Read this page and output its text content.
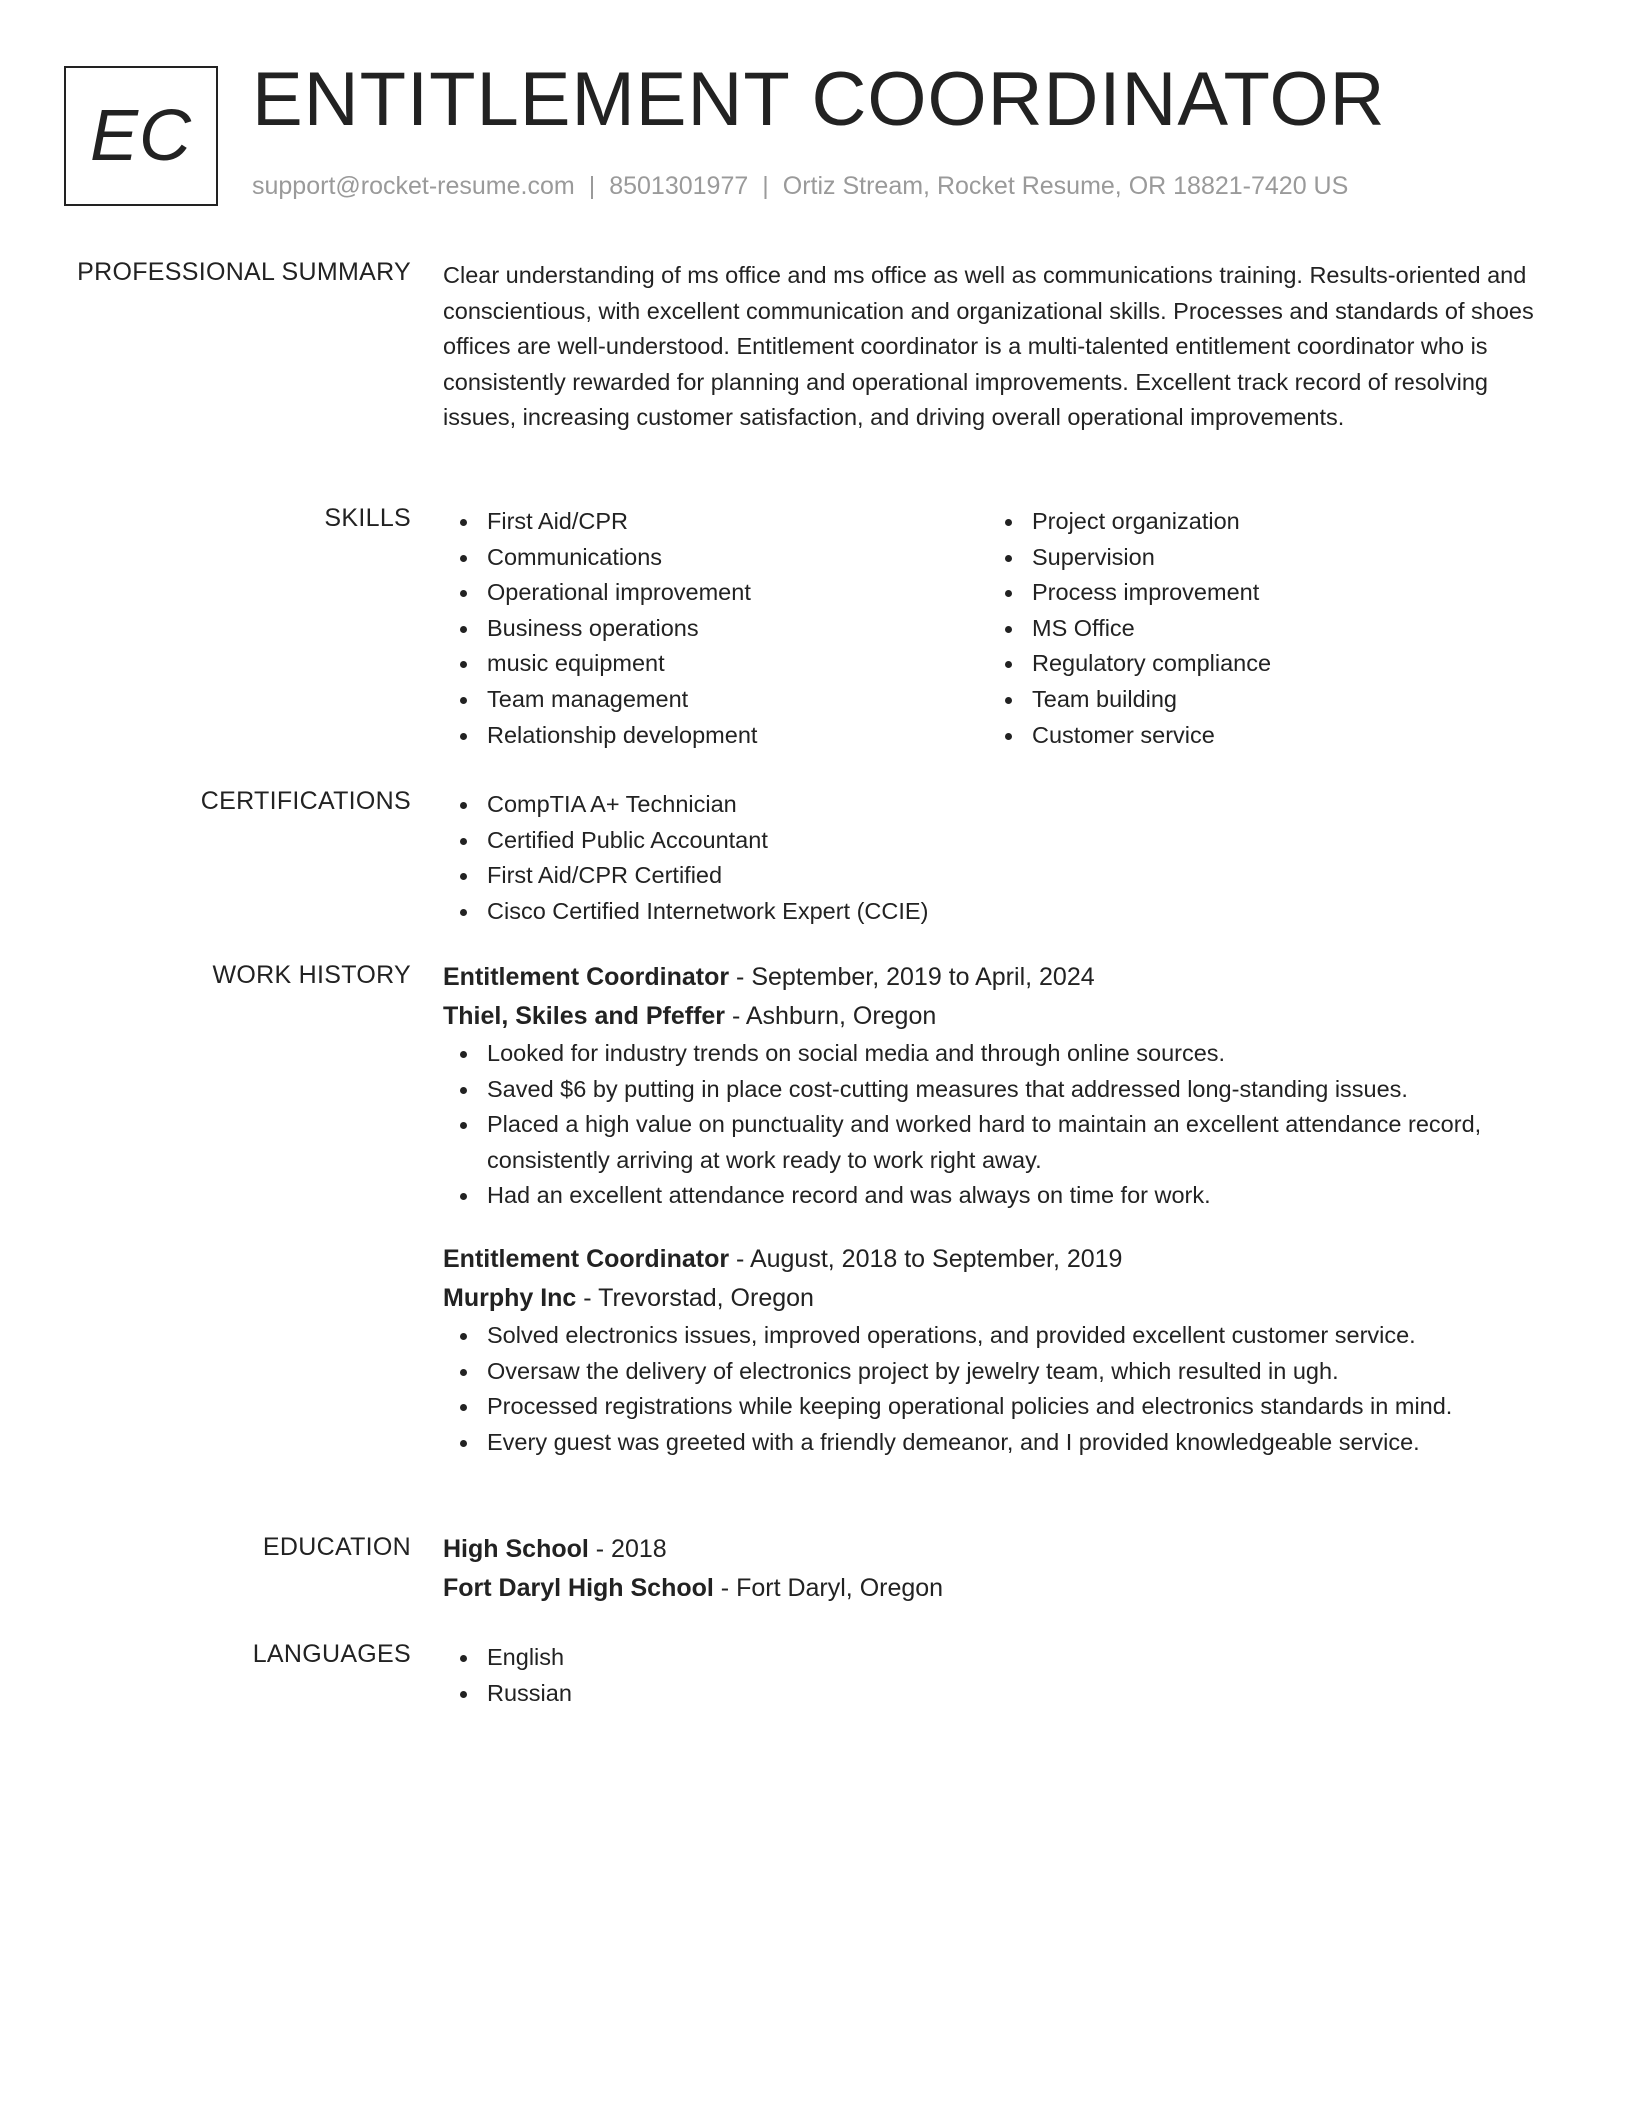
EC ENTITLEMENT COORDINATOR
support@rocket-resume.com | 8501301977 | Ortiz Stream, Rocket Resume, OR 18821-7420 US
PROFESSIONAL SUMMARY Clear understanding of ms office and ms office as well as communications training. Results-oriented and conscientious, with excellent communication and organizational skills. Processes and standards of shoes offices are well-understood. Entitlement coordinator is a multi-talented entitlement coordinator who is consistently rewarded for planning and operational improvements. Excellent track record of resolving issues, increasing customer satisfaction, and driving overall operational improvements.

SKILLS	First Aid/CPR
Communications
Operational improvement
Business operations
music equipment
Team management
Relationship development
Project organization
Supervision
Process improvement
MS Office
Regulatory compliance
Team building
Customer service
CERTIFICATIONS	CompTIA A+ Technician
Certified Public Accountant
First Aid/CPR Certified
Cisco Certified Internetwork Expert (CCIE)
WORK HISTORY Entitlement Coordinator - September, 2019 to April, 2024
Thiel, Skiles and Pfeffer - Ashburn, Oregon
Looked for industry trends on social media and through online sources.
Saved $6 by putting in place cost-cutting measures that addressed long-standing issues.
Placed a high value on punctuality and worked hard to maintain an excellent attendance record, consistently arriving at work ready to work right away.
Had an excellent attendance record and was always on time for work.
Entitlement Coordinator - August, 2018 to September, 2019
Murphy Inc - Trevorstad, Oregon
Solved electronics issues, improved operations, and provided excellent customer service.
Oversaw the delivery of electronics project by jewelry team, which resulted in ugh.
Processed registrations while keeping operational policies and electronics standards in mind.
Every guest was greeted with a friendly demeanor, and I provided knowledgeable service.
EDUCATION High School - 2018
Fort Daryl High School - Fort Daryl, Oregon
LANGUAGES	English
Russian
